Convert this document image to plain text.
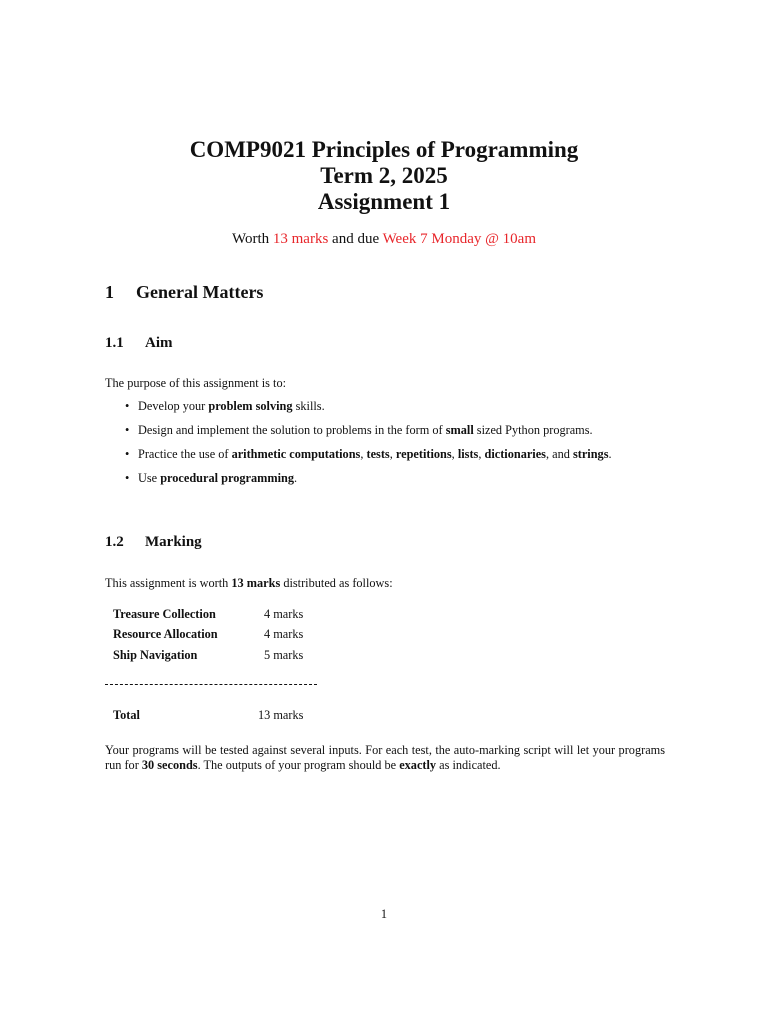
COMP9021 Principles of Programming

Term 2, 2025

Assignment 1

Worth 13 marks and due Week 7 Monday @ 10am
1 General Matters
1.1 Aim
The purpose of this assignment is to:
• Develop your problem solving skills.
• Design and implement the solution to problems in the form of small sized Python programs.
• Practice the use of arithmetic computations, tests, repetitions, lists, dictionaries, and strings.
• Use procedural programming.
1.2 Marking
This assignment is worth 13 marks distributed as follows:
Treasure Collection	4 marks
Resource Allocation	4 marks
Ship Navigation	5 marks
Total	13 marks
Your programs will be tested against several inputs. For each test, the auto-marking script will let your programs run for 30 seconds. The outputs of your program should be exactly as indicated.
1
